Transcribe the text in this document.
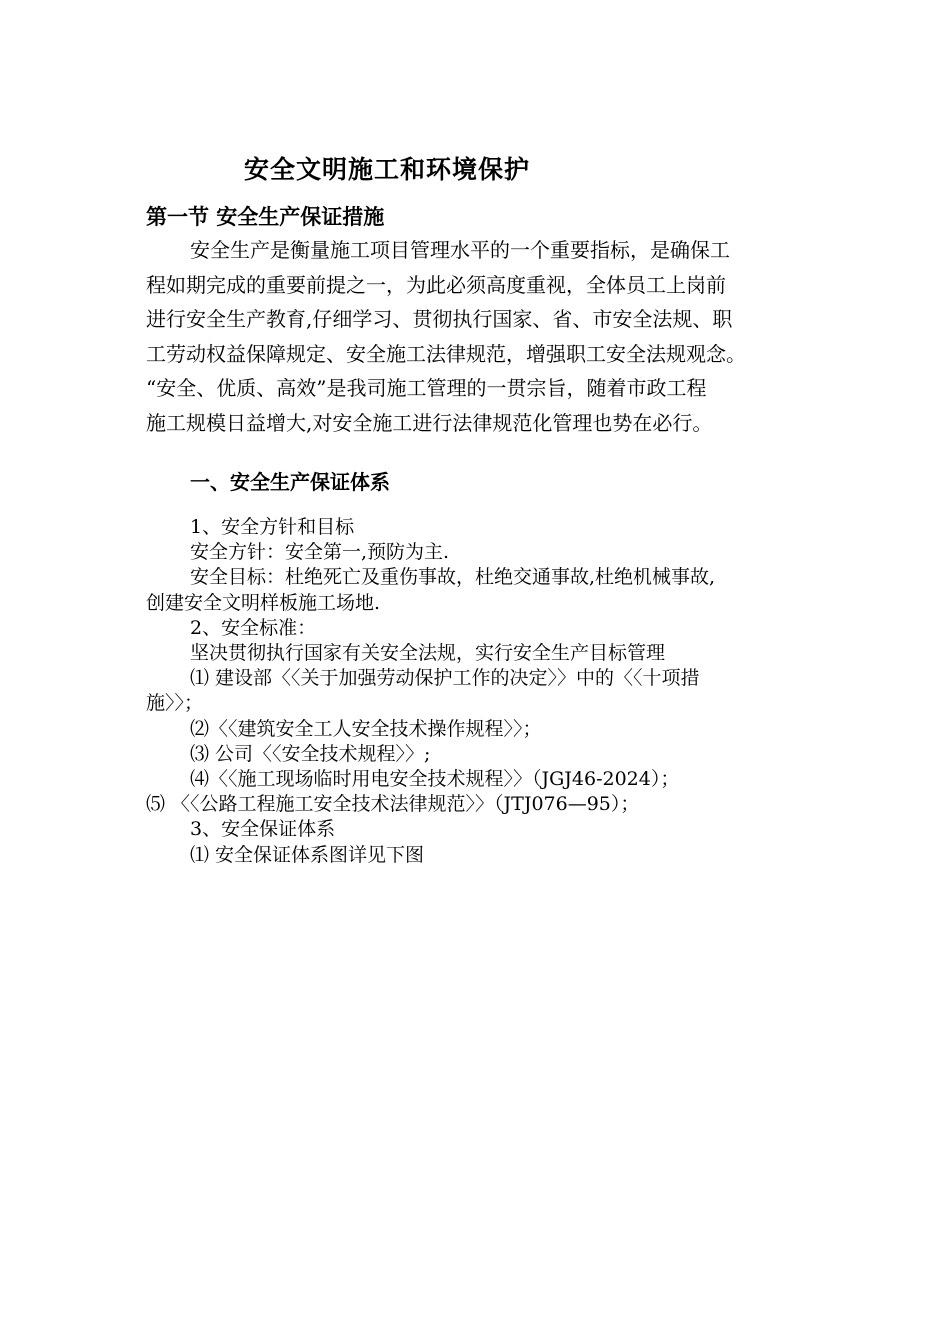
安全文明施工和环境保护
第一节 安全生产保证措施
安全生产是衡量施工项目管理水平的一个重要指标，是确保工
程如期完成的重要前提之一，为此必须高度重视，全体员工上岗前
进行安全生产教育,仔细学习、贯彻执行国家、省、市安全法规、职
工劳动权益保障规定、安全施工法律规范，增强职工安全法规观念。
“安全、优质、高效”是我司施工管理的一贯宗旨，随着市政工程
施工规模日益增大,对安全施工进行法律规范化管理也势在必行。
一、安全生产保证体系
1、安全方针和目标
安全方针：安全第一,预防为主.
安全目标：杜绝死亡及重伤事故，杜绝交通事故,杜绝机械事故,
创建安全文明样板施工场地.
2、安全标准：
坚决贯彻执行国家有关安全法规，实行安全生产目标管理
⑴ 建设部〈〈关于加强劳动保护工作的决定〉〉中的〈〈十项措
施〉〉；
⑵〈〈建筑安全工人安全技术操作规程〉〉；
⑶ 公司〈〈安全技术规程〉〉;
⑷〈〈施工现场临时用电安全技术规程〉〉（JGJ46-2024）；
⑸ 〈〈公路工程施工安全技术法律规范〉〉（JTJ076—95）；
3、安全保证体系
⑴ 安全保证体系图详见下图
